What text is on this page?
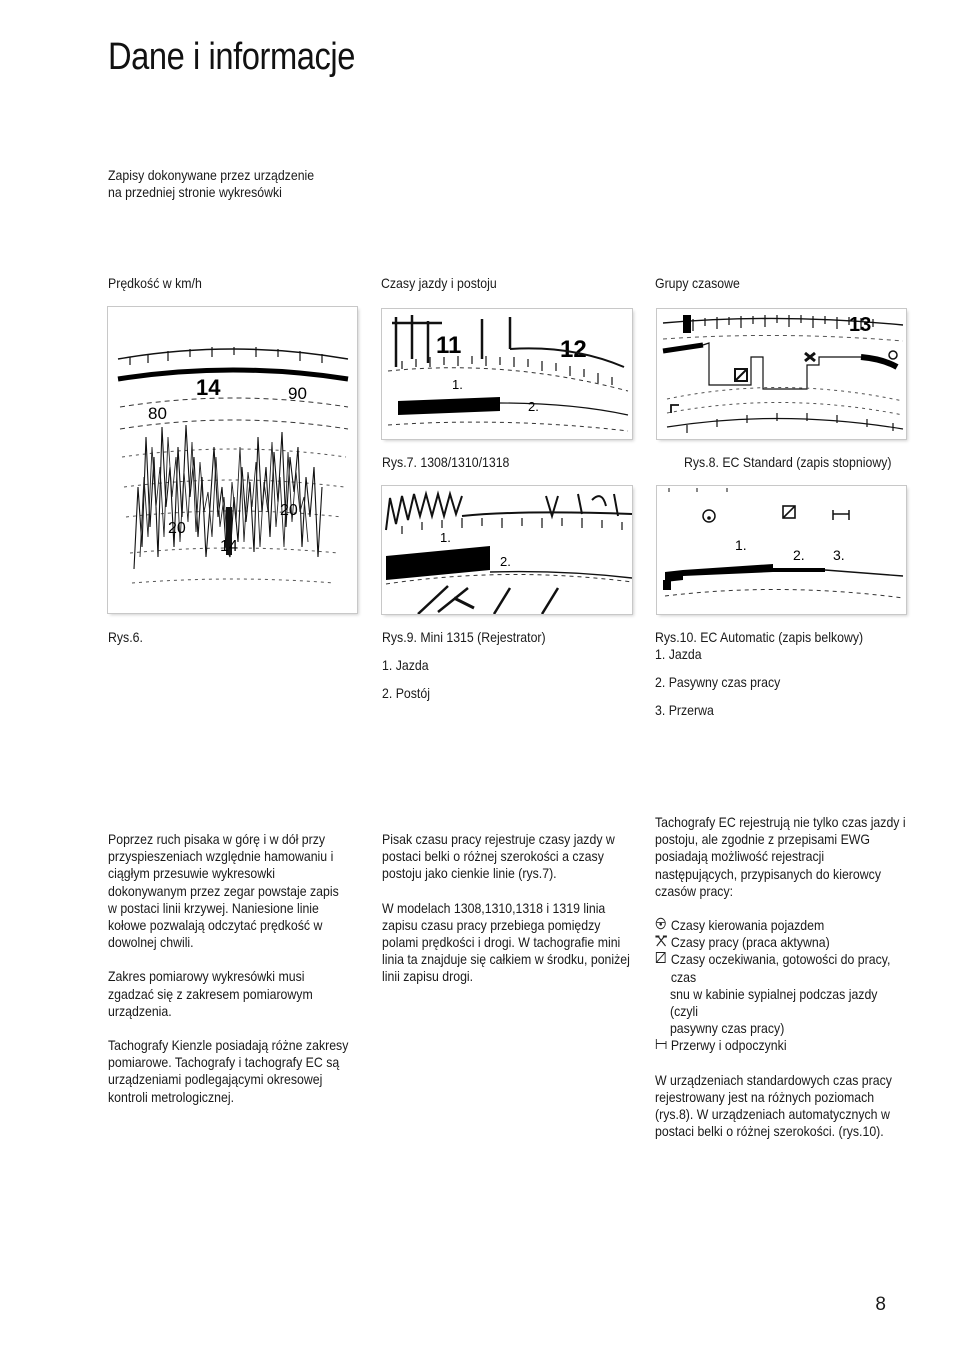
Dane i informacje
Zapisy dokonywane przez urządzenie
na przedniej stronie wykresówki
Prędkość w km/h	Czasy jazdy i postoju	Grupy czasowe
14	90
80
20
14
20
11	12
1.
2.
Rys.7. 1308/1310/1318
13
Rys.8. EC Standard (zapis stopniowy)
1.
2.
1.
2. 3.
Rys.6.	Rys.9. Mini 1315 (Rejestrator)
1. Jazda
2. Postój
Rys.10. EC Automatic (zapis belkowy)
1. Jazda
2. Pasywny czas pracy
3. Przerwa

Poprzez ruch pisaka w górę i w dół przy przyspieszeniach względnie hamowaniu i ciągłym przesuwie wykresowki dokonywanym przez zegar powstaje zapis w postaci linii krzywej. Naniesione linie kołowe pozwalają odczytać prędkość w dowolnej chwili.

Zakres pomiarowy wykresówki musi zgadzać się z zakresem pomiarowym urządzenia.

Tachografy Kienzle posiadają różne zakresy pomiarowe. Tachografy i tachografy EC są urządzeniami podlegającymi okresowej kontroli metrologicznej.

Pisak czasu pracy rejestruje czasy jazdy w postaci belki o różnej szerokości a czasy postoju jako cienkie linie (rys.7).

W modelach 1308,1310,1318 i 1319 linia zapisu czasu pracy przebiega pomiędzy polami prędkości i drogi. W tachografie mini linia ta znajduje się całkiem w środku, poniżej linii zapisu drogi.

Tachografy EC rejestrują nie tylko czas jazdy i postoju, ale zgodnie z przepisami EWG posiadają możliwość rejestracji następujących, przypisanych do kierowcy czasów pracy:

Czasy kierowania pojazdem
Czasy pracy (praca aktywna)
Czasy oczekiwania, gotowości do pracy, czas
snu w kabinie sypialnej podczas jazdy (czyli
pasywny czas pracy)
Przerwy i odpoczynki

W urządzeniach standardowych czas pracy rejestrowany jest na różnych poziomach (rys.8). W urządzeniach automatycznych w postaci belki o różnej szerokości. (rys.10).

8
